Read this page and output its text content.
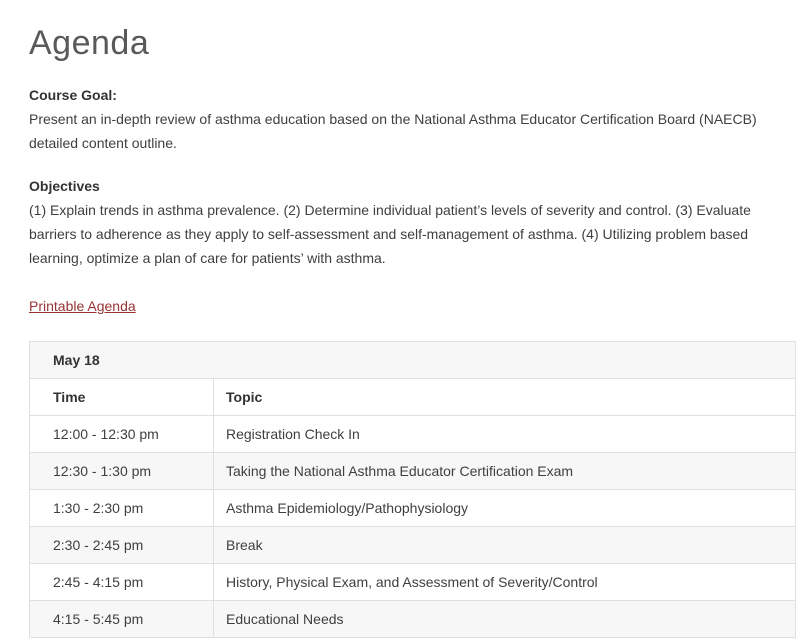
Agenda

Course Goal:
Present an in-depth review of asthma education based on the National Asthma Educator Certification Board (NAECB) detailed content outline.

Objectives
(1) Explain trends in asthma prevalence. (2) Determine individual patient’s levels of severity and control. (3) Evaluate barriers to adherence as they apply to self-assessment and self-management of asthma. (4) Utilizing problem based learning, optimize a plan of care for patients’ with asthma.

Printable Agenda
May 18	
Time	Topic
12:00 - 12:30 pm	Registration Check In
12:30 - 1:30 pm	Taking the National Asthma Educator Certification Exam
1:30 - 2:30 pm	Asthma Epidemiology/Pathophysiology
2:30 - 2:45 pm	Break
2:45 - 4:15 pm	History, Physical Exam, and Assessment of Severity/Control
4:15 - 5:45 pm	Educational Needs
